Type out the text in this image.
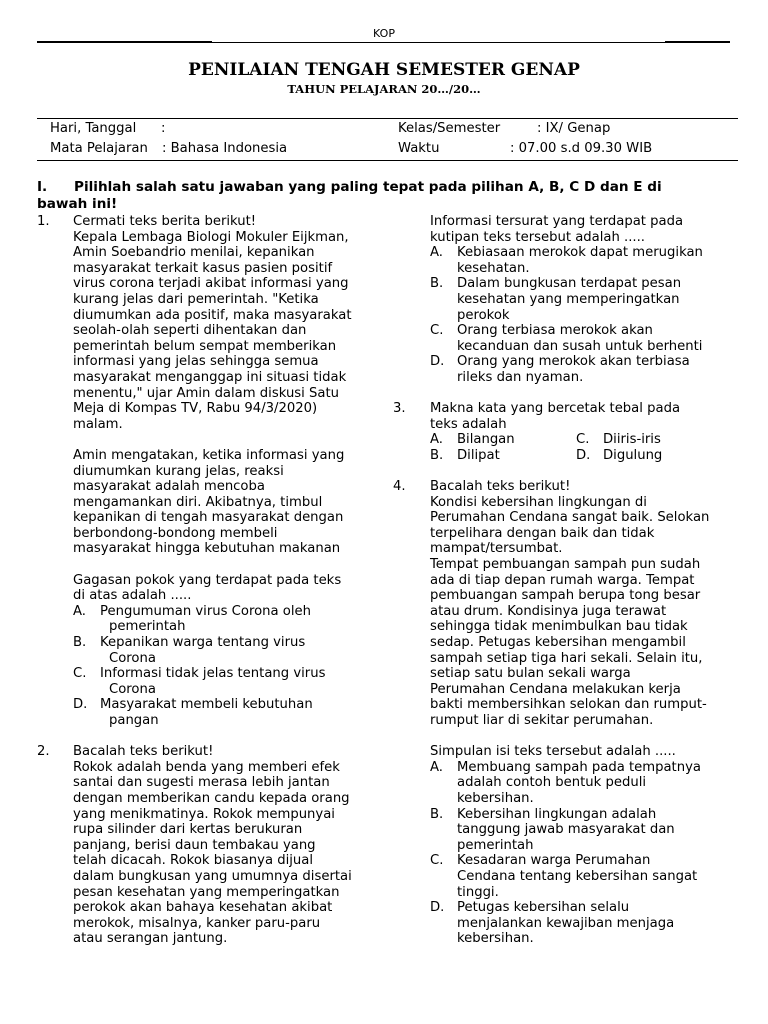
KOP
PENILAIAN TENGAH SEMESTER GENAP
TAHUN PELAJARAN 20…/20…
Hari, Tanggal :
Mata Pelajaran : Bahasa Indonesia
Kelas/Semester	: IX/ Genap
Waktu	: 07.00 s.d 09.30 WIB
I. Pilihlah salah satu jawaban yang paling tepat pada pilihan A, B, C D dan E di
bawah ini!
1. Cermati teks berita berikut!
Kepala Lembaga Biologi Mokuler Eijkman,
Amin Soebandrio menilai, kepanikan
masyarakat terkait kasus pasien positif
virus corona terjadi akibat informasi yang
kurang jelas dari pemerintah. "Ketika
diumumkan ada positif, maka masyarakat
seolah-olah seperti dihentakan dan
pemerintah belum sempat memberikan
informasi yang jelas sehingga semua
masyarakat menganggap ini situasi tidak
menentu," ujar Amin dalam diskusi Satu
Meja di Kompas TV, Rabu 94/3/2020)
malam.
Amin mengatakan, ketika informasi yang
diumumkan kurang jelas, reaksi
masyarakat adalah mencoba
mengamankan diri. Akibatnya, timbul
kepanikan di tengah masyarakat dengan
berbondong-bondong membeli
masyarakat hingga kebutuhan makanan
Gagasan pokok yang terdapat pada teks
di atas adalah .....
A. Pengumuman virus Corona oleh
pemerintah
B. Kepanikan warga tentang virus
Corona
C. Informasi tidak jelas tentang virus
Corona
D. Masyarakat membeli kebutuhan
pangan
2. Bacalah teks berikut!
Rokok adalah benda yang memberi efek
santai dan sugesti merasa lebih jantan
dengan memberikan candu kepada orang
yang menikmatinya. Rokok mempunyai
rupa silinder dari kertas berukuran
panjang, berisi daun tembakau yang
telah dicacah. Rokok biasanya dijual
dalam bungkusan yang umumnya disertai
pesan kesehatan yang memperingatkan
perokok akan bahaya kesehatan akibat
merokok, misalnya, kanker paru-paru
atau serangan jantung.
Informasi tersurat yang terdapat pada
kutipan teks tersebut adalah .....
A. Kebiasaan merokok dapat merugikan
kesehatan.
B. Dalam bungkusan terdapat pesan
kesehatan yang memperingatkan
perokok
C. Orang terbiasa merokok akan
kecanduan dan susah untuk berhenti
D. Orang yang merokok akan terbiasa
rileks dan nyaman.
3. Makna kata yang bercetak tebal pada
teks adalah
A. Bilangan	C. Diiris-iris
B. Dilipat	D. Digulung
4. Bacalah teks berikut!
Kondisi kebersihan lingkungan di
Perumahan Cendana sangat baik. Selokan
terpelihara dengan baik dan tidak
mampat/tersumbat.
Tempat pembuangan sampah pun sudah
ada di tiap depan rumah warga. Tempat
pembuangan sampah berupa tong besar
atau drum. Kondisinya juga terawat
sehingga tidak menimbulkan bau tidak
sedap. Petugas kebersihan mengambil
sampah setiap tiga hari sekali. Selain itu,
setiap satu bulan sekali warga
Perumahan Cendana melakukan kerja
bakti membersihkan selokan dan rumput-
rumput liar di sekitar perumahan.
Simpulan isi teks tersebut adalah .....
A. Membuang sampah pada tempatnya
adalah contoh bentuk peduli
kebersihan.
B. Kebersihan lingkungan adalah
tanggung jawab masyarakat dan
pemerintah
C. Kesadaran warga Perumahan
Cendana tentang kebersihan sangat
tinggi.
D. Petugas kebersihan selalu
menjalankan kewajiban menjaga
kebersihan.
